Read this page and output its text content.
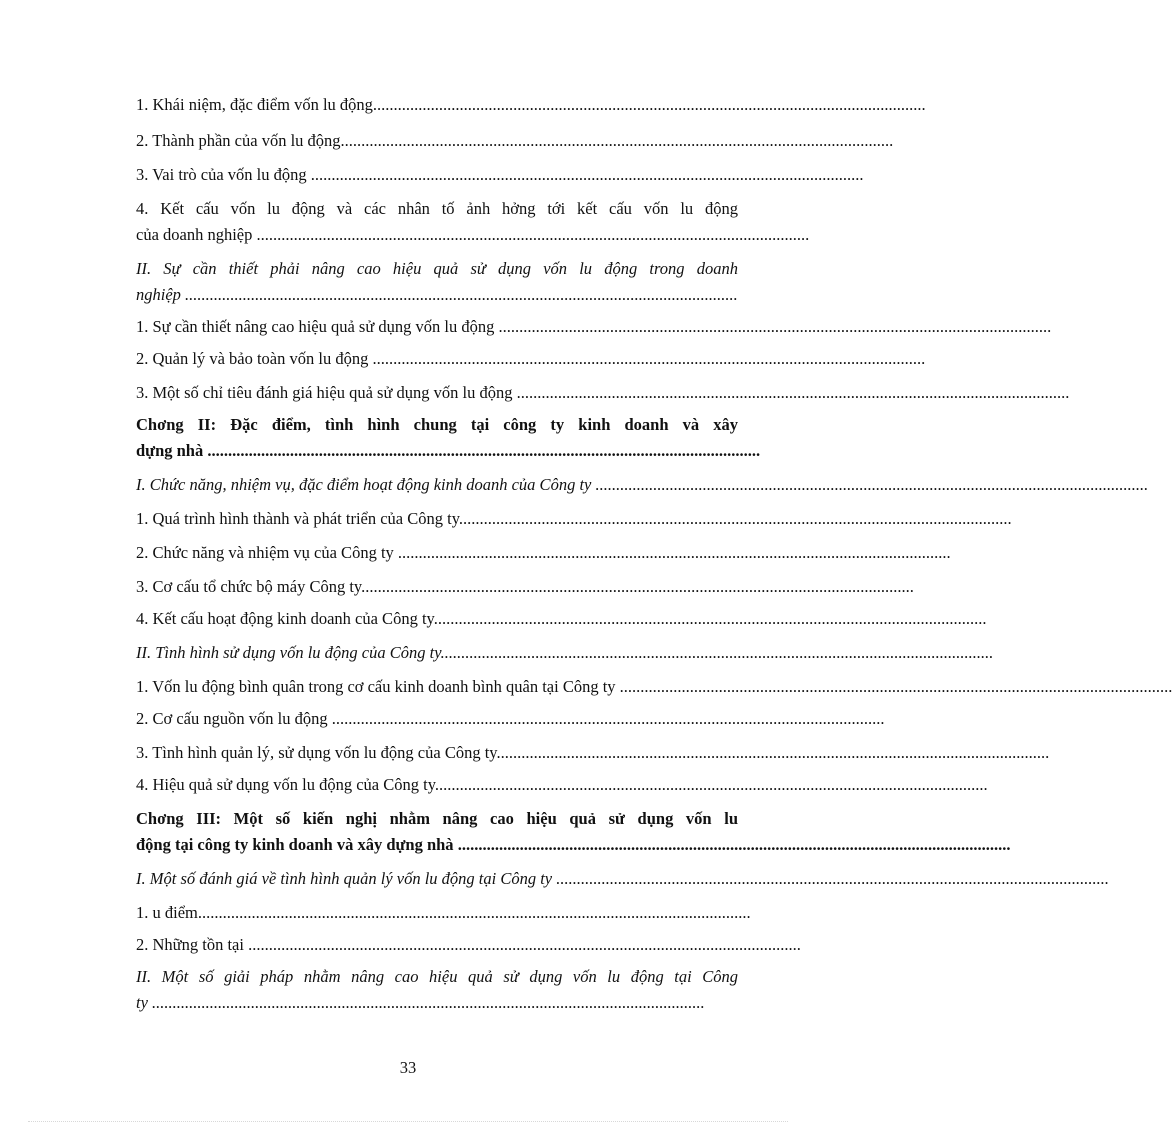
1. Khái niệm, đặc điểm vốn lu động......................................................................................................................................
2. Thành phần của vốn lu động......................................................................................................................................
3. Vai trò của vốn lu động ......................................................................................................................................
4. Kết cấu vốn lu động và các nhân tố ảnh hởng tới kết cấu vốn lu động
của doanh nghiệp ......................................................................................................................................
II. Sự cần thiết phải nâng cao hiệu quả sử dụng vốn lu động trong doanh
nghiệp ......................................................................................................................................
1. Sự cần thiết nâng cao hiệu quả sử dụng vốn lu động ......................................................................................................................................
2. Quản lý và bảo toàn vốn lu động ......................................................................................................................................
3. Một số chỉ tiêu đánh giá hiệu quả sử dụng vốn lu động ......................................................................................................................................
Chơng II: Đặc điểm, tình hình chung tại công ty kinh doanh và xây
dựng nhà ......................................................................................................................................
I. Chức năng, nhiệm vụ, đặc điểm hoạt động kinh doanh của Công ty ......................................................................................................................................
1. Quá trình hình thành và phát triển của Công ty......................................................................................................................................
2. Chức năng và nhiệm vụ của Công ty ......................................................................................................................................
3. Cơ cấu tổ chức bộ máy Công ty......................................................................................................................................
4. Kết cấu hoạt động kinh doanh của Công ty......................................................................................................................................
II. Tình hình sử dụng vốn lu động của Công ty......................................................................................................................................
1. Vốn lu động bình quân trong cơ cấu kinh doanh bình quân tại Công ty ......................................................................................................................................
2. Cơ cấu nguồn vốn lu động ......................................................................................................................................
3. Tình hình quản lý, sử dụng vốn lu động của Công ty......................................................................................................................................
4. Hiệu quả sử dụng vốn lu động của Công ty......................................................................................................................................
Chơng III: Một số kiến nghị nhằm nâng cao hiệu quả sử dụng vốn lu
động tại công ty kinh doanh và xây dựng nhà ......................................................................................................................................
I. Một số đánh giá về tình hình quản lý vốn lu động tại Công ty ......................................................................................................................................
1. u điểm......................................................................................................................................
2. Những tồn tại ......................................................................................................................................
II. Một số giải pháp nhằm nâng cao hiệu quả sử dụng vốn lu động tại Công
ty ......................................................................................................................................
33
